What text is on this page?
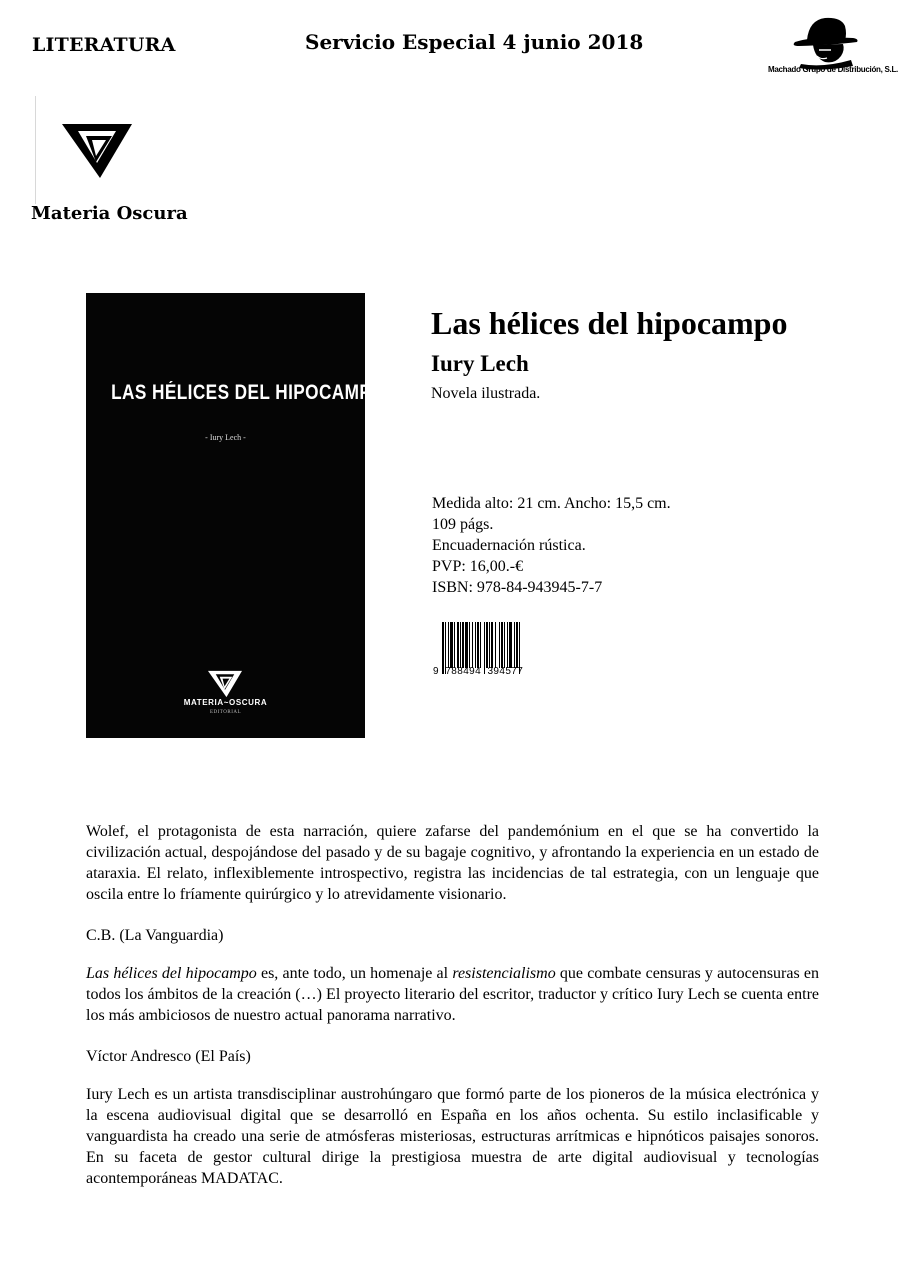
LITERATURA	Servicio Especial 4 junio 2018
Machado Grupo de Distribución, S.L.
Materia Oscura
LAS HÉLICES DEL HIPOCAMPO
- Iury Lech -
MATERIA~OSCURA
EDITORIAL
Las hélices del hipocampo
Iury Lech
Novela ilustrada.
Medida alto: 21 cm. Ancho: 15,5 cm.
109 págs.
Encuadernación rústica.
PVP: 16,00.-€
ISBN: 978-84-943945-7-7
9  788494  394577

Wolef, el protagonista de esta narración, quiere zafarse del pandemónium en el que se ha convertido la civilización actual, despojándose del pasado y de su bagaje cognitivo, y afrontando la experiencia en un estado de ataraxia. El relato, inflexiblemente introspectivo, registra las incidencias de tal estrategia, con un lenguaje que oscila entre lo fríamente quirúrgico y lo atrevidamente visionario.

C.B. (La Vanguardia)

Las hélices del hipocampo es, ante todo, un homenaje al resistencialismo que combate censuras y autocensuras en todos los ámbitos de la creación (…) El proyecto literario del escritor, traductor y crítico Iury Lech se cuenta entre los más ambiciosos de nuestro actual panorama narrativo.

Víctor Andresco (El País)

Iury Lech es un artista transdisciplinar austrohúngaro que formó parte de los pioneros de la música electrónica y la escena audiovisual digital que se desarrolló en España en los años ochenta. Su estilo inclasificable y vanguardista ha creado una serie de atmósferas misteriosas, estructuras arrítmicas e hipnóticos paisajes sonoros. En su faceta de gestor cultural dirige la prestigiosa muestra de arte digital audiovisual y tecnologías acontemporáneas MADATAC.
